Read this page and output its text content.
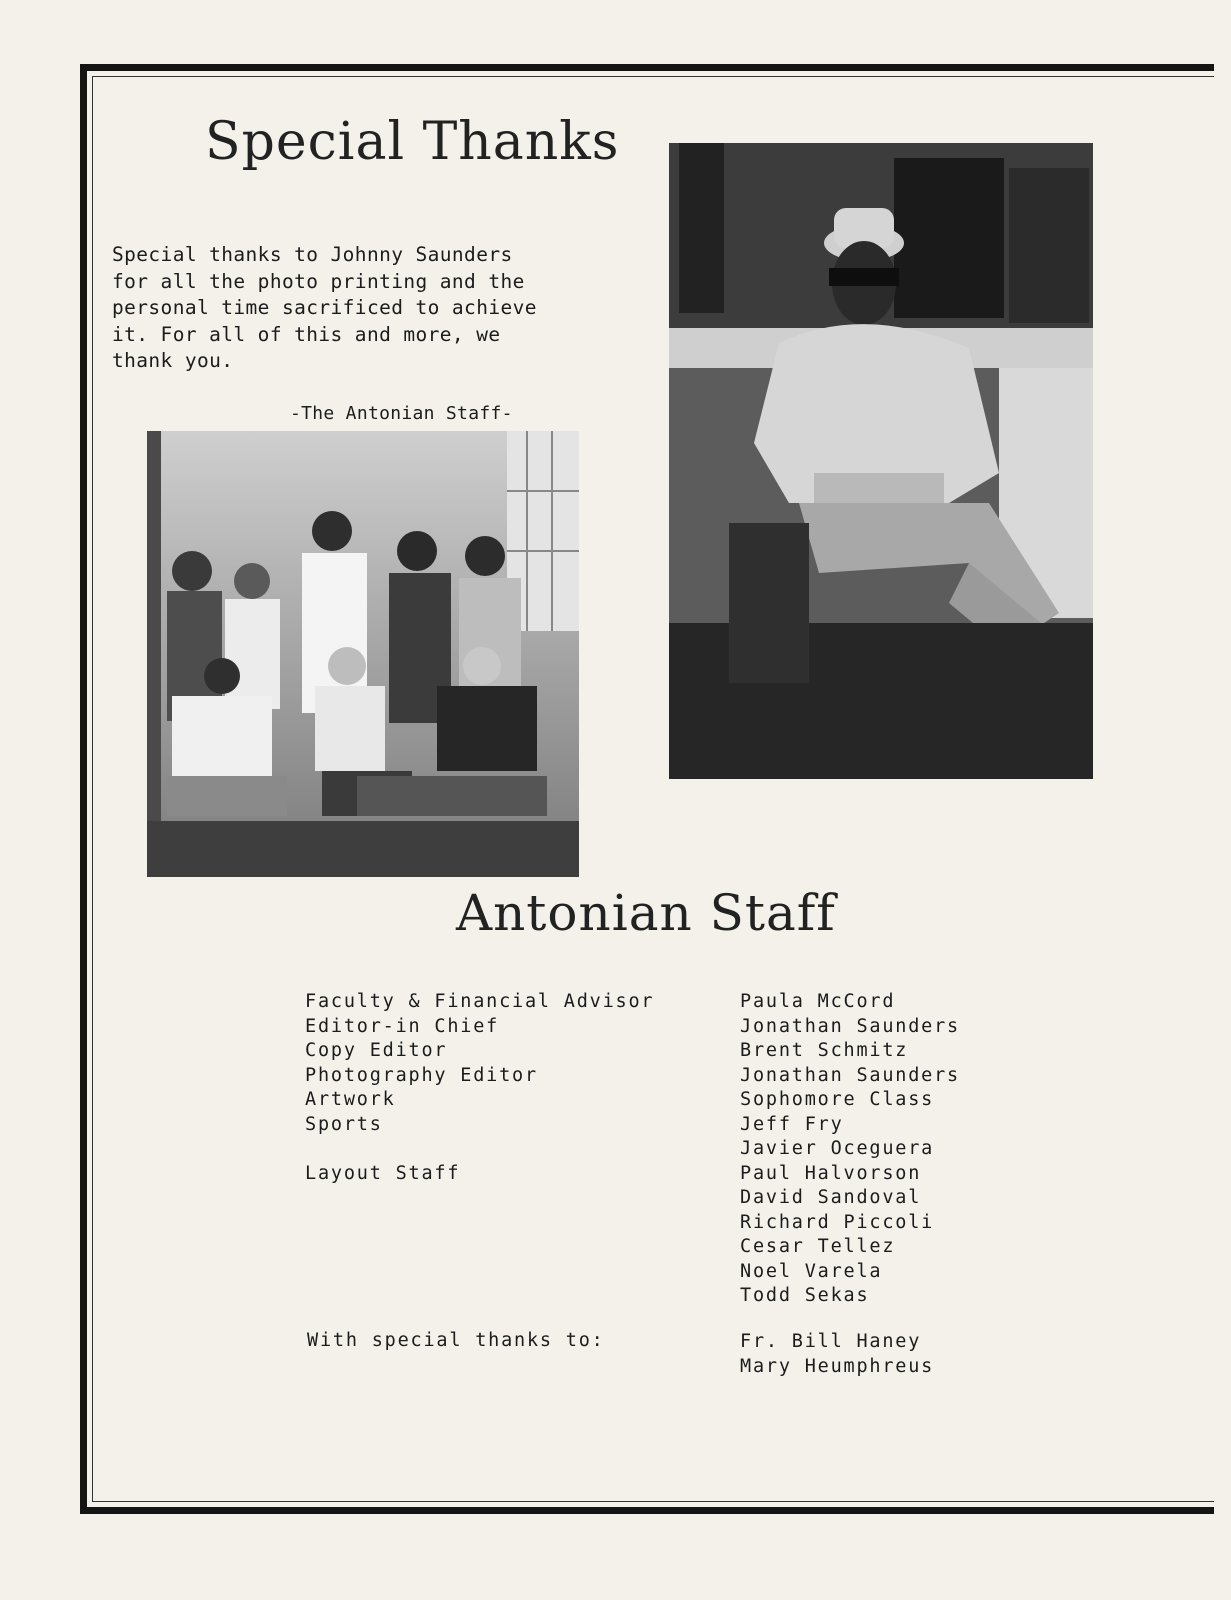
Special Thanks
Special thanks to Johnny Saunders
for all the photo printing and the
personal time sacrificed to achieve
it. For all of this and more, we
thank you.
-The Antonian Staff-
Antonian Staff
Faculty & Financial Advisor
Editor-in Chief
Copy Editor
Photography Editor
Artwork
Sports
Layout Staff
Paula McCord
Jonathan Saunders
Brent Schmitz
Jonathan Saunders
Sophomore Class
Jeff Fry
Javier Oceguera
Paul Halvorson
David Sandoval
Richard Piccoli
Cesar Tellez
Noel Varela
Todd Sekas
With special thanks to:	Fr. Bill Haney
Mary Heumphreus
